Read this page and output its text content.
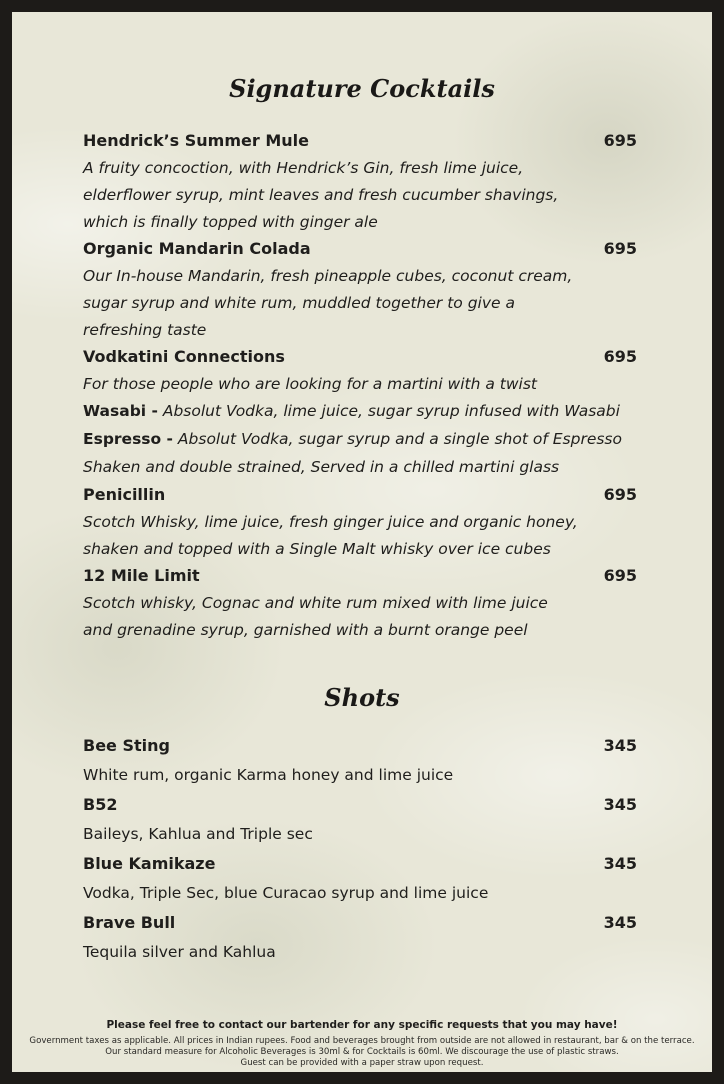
Signature Cocktails
Hendrick’s Summer Mule	695
A fruity concoction, with Hendrick’s Gin, fresh lime juice,
elderflower syrup, mint leaves and fresh cucumber shavings,
which is finally topped with ginger ale
Organic Mandarin Colada	695
Our In-house Mandarin, fresh pineapple cubes, coconut cream,
sugar syrup and white rum, muddled together to give a
refreshing taste
Vodkatini Connections	695
For those people who are looking for a martini with a twist
Wasabi - Absolut Vodka, lime juice, sugar syrup infused with Wasabi
Espresso - Absolut Vodka, sugar syrup and a single shot of Espresso
Shaken and double strained, Served in a chilled martini glass
Penicillin	695
Scotch Whisky, lime juice, fresh ginger juice and organic honey,
shaken and topped with a Single Malt whisky over ice cubes
12 Mile Limit	695
Scotch whisky, Cognac and white rum mixed with lime juice
and grenadine syrup, garnished with a burnt orange peel
Shots
Bee Sting	345
White rum, organic Karma honey and lime juice
B52	345
Baileys, Kahlua and Triple sec
Blue Kamikaze	345
Vodka, Triple Sec, blue Curacao syrup and lime juice
Brave Bull	345
Tequila silver and Kahlua
Please feel free to contact our bartender for any specific requests that you may have!
Government taxes as applicable. All prices in Indian rupees. Food and beverages brought from outside are not allowed in restaurant, bar & on the terrace.
Our standard measure for Alcoholic Beverages is 30ml & for Cocktails is 60ml. We discourage the use of plastic straws.
Guest can be provided with a paper straw upon request.
